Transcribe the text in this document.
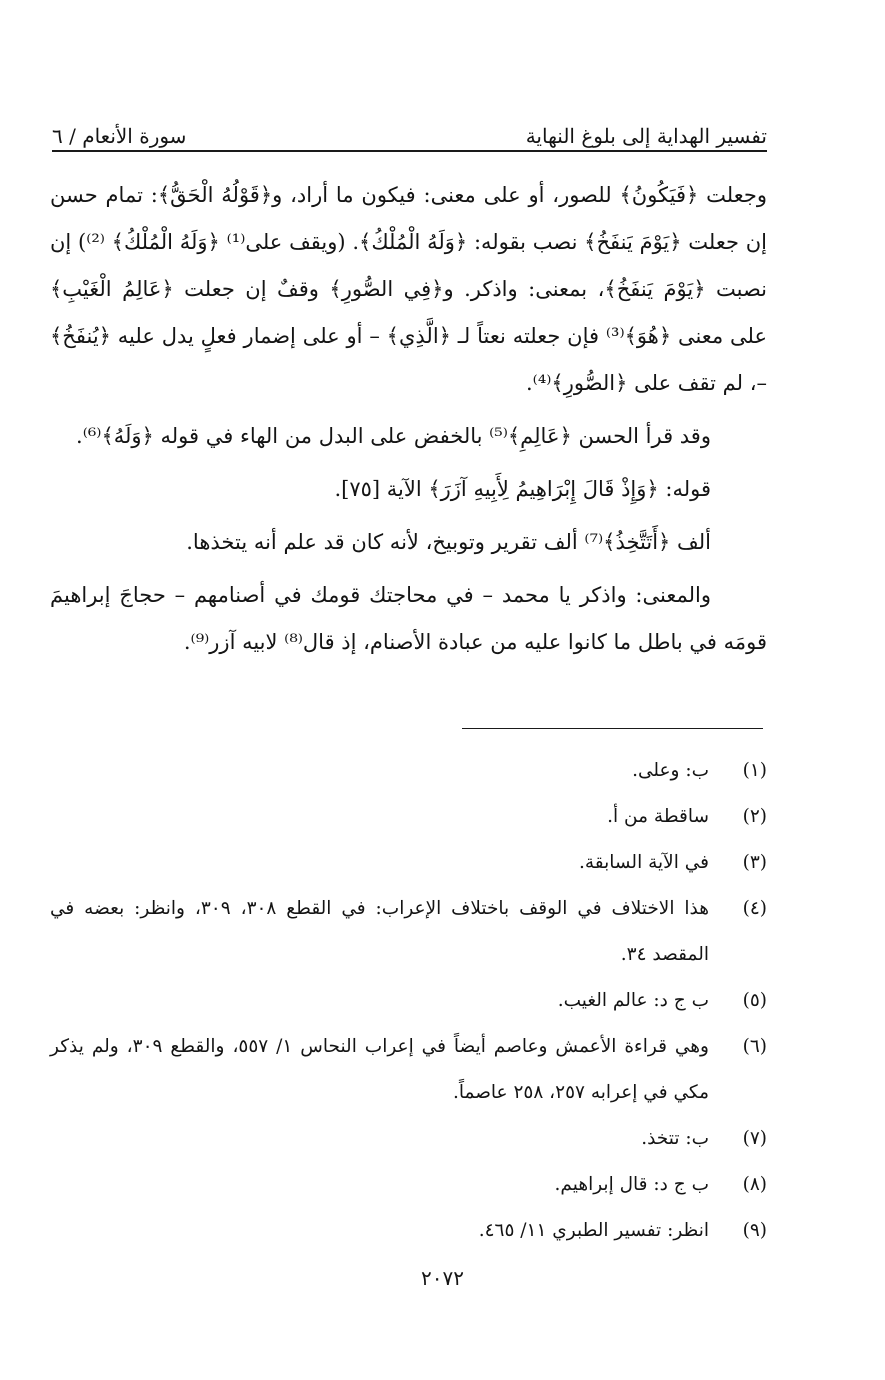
تفسير الهداية إلى بلوغ النهاية
سورة الأنعام / ٦

وجعلت ﴿فَيَكُونُ﴾ للصور، أو على معنى: فيكون ما أراد، و﴿قَوْلُهُ الْحَقُّ﴾: تمام حسن إن جعلت ﴿يَوْمَ يَنفَخُ﴾ نصب بقوله: ﴿وَلَهُ الْمُلْكُ﴾. (ويقف على⁽¹⁾ ﴿وَلَهُ الْمُلْكُ﴾ ⁽²⁾) إن نصبت ﴿يَوْمَ يَنفَخُ﴾، بمعنى: واذكر. و﴿فِي الصُّورِ﴾ وقفٌ إن جعلت ﴿عَالِمُ الْغَيْبِ﴾ على معنى ﴿هُوَ﴾⁽³⁾ فإن جعلته نعتاً لـ ﴿الَّذِي﴾ – أو على إضمار فعلٍ يدل عليه ﴿يُنفَخُ﴾ –، لم تقف على ﴿الصُّورِ﴾⁽⁴⁾.

وقد قرأ الحسن ﴿عَالِمِ﴾⁽⁵⁾ بالخفض على البدل من الهاء في قوله ﴿وَلَهُ﴾⁽⁶⁾.

قوله: ﴿وَإِذْ قَالَ إِبْرَاهِيمُ لِأَبِيهِ آزَرَ﴾ الآية [٧٥].

ألف ﴿أَتَتَّخِذُ﴾⁽⁷⁾ ألف تقرير وتوبيخ، لأنه كان قد علم أنه يتخذها.

والمعنى: واذكر يا محمد – في محاجتك قومك في أصنامهم – حجاجَ إبراهيمَ قومَه في باطل ما كانوا عليه من عبادة الأصنام، إذ قال⁽⁸⁾ لابيه آزر⁽⁹⁾.

(١)
ب: وعلى.
(٢)
ساقطة من أ.
(٣)
في الآية السابقة.
(٤)
هذا الاختلاف في الوقف باختلاف الإعراب: في القطع ٣٠٨، ٣٠٩، وانظر: بعضه في المقصد ٣٤.
(٥)
ب ج د: عالم الغيب.
(٦)
وهي قراءة الأعمش وعاصم أيضاً في إعراب النحاس ١/ ٥٥٧، والقطع ٣٠٩، ولم يذكر مكي في إعرابه ٢٥٧، ٢٥٨ عاصماً.
(٧)
ب: تتخذ.
(٨)
ب ج د: قال إبراهيم.
(٩)
انظر: تفسير الطبري ١١/ ٤٦٥.
٢٠٧٢
